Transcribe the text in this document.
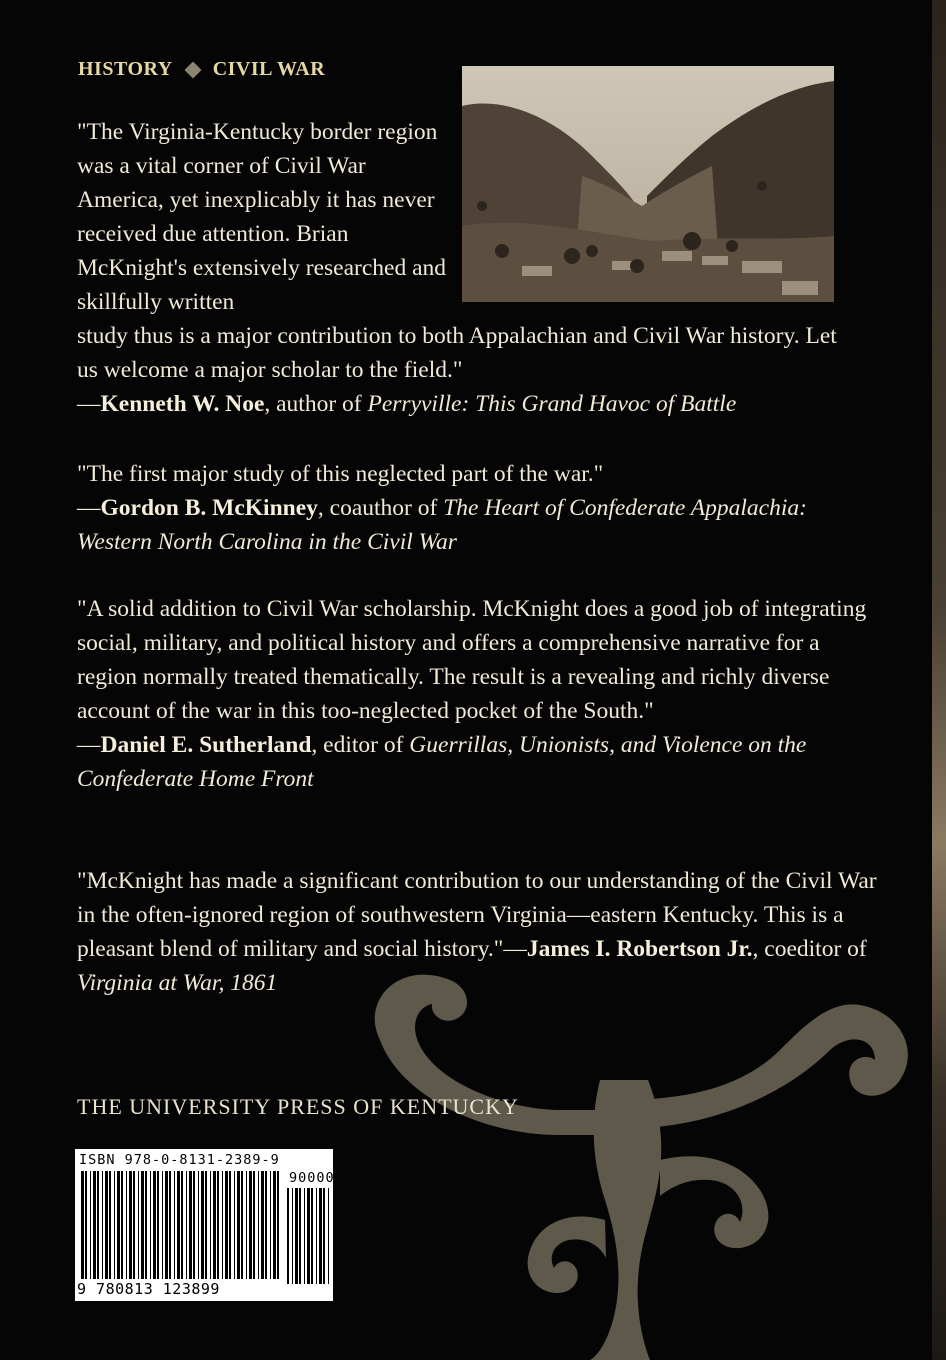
HISTORY CIVIL WAR

"The Virginia-Kentucky border region was a vital corner of Civil War America, yet inexplicably it has never received due attention. Brian McKnight's extensively researched and skillfully written
study thus is a major contribution to both Appalachian and Civil War history. Let us welcome a major scholar to the field."
—Kenneth W. Noe, author of Perryville: This Grand Havoc of Battle

"The first major study of this neglected part of the war."
—Gordon B. McKinney, coauthor of The Heart of Confederate Appalachia: Western North Carolina in the Civil War

"A solid addition to Civil War scholarship. McKnight does a good job of integrating social, military, and political history and offers a comprehensive narrative for a region normally treated thematically. The result is a revealing and richly diverse account of the war in this too-neglected pocket of the South."
—Daniel E. Sutherland, editor of Guerrillas, Unionists, and Violence on the Confederate Home Front

"McKnight has made a significant contribution to our understanding of the Civil War in the often-ignored region of southwestern Virginia—eastern Kentucky. This is a pleasant blend of military and social history."—James I. Robertson Jr., coeditor of Virginia at War, 1861

THE UNIVERSITY PRESS OF KENTUCKY
ISBN 978-0-8131-2389-9
90000
9 780813 123899
